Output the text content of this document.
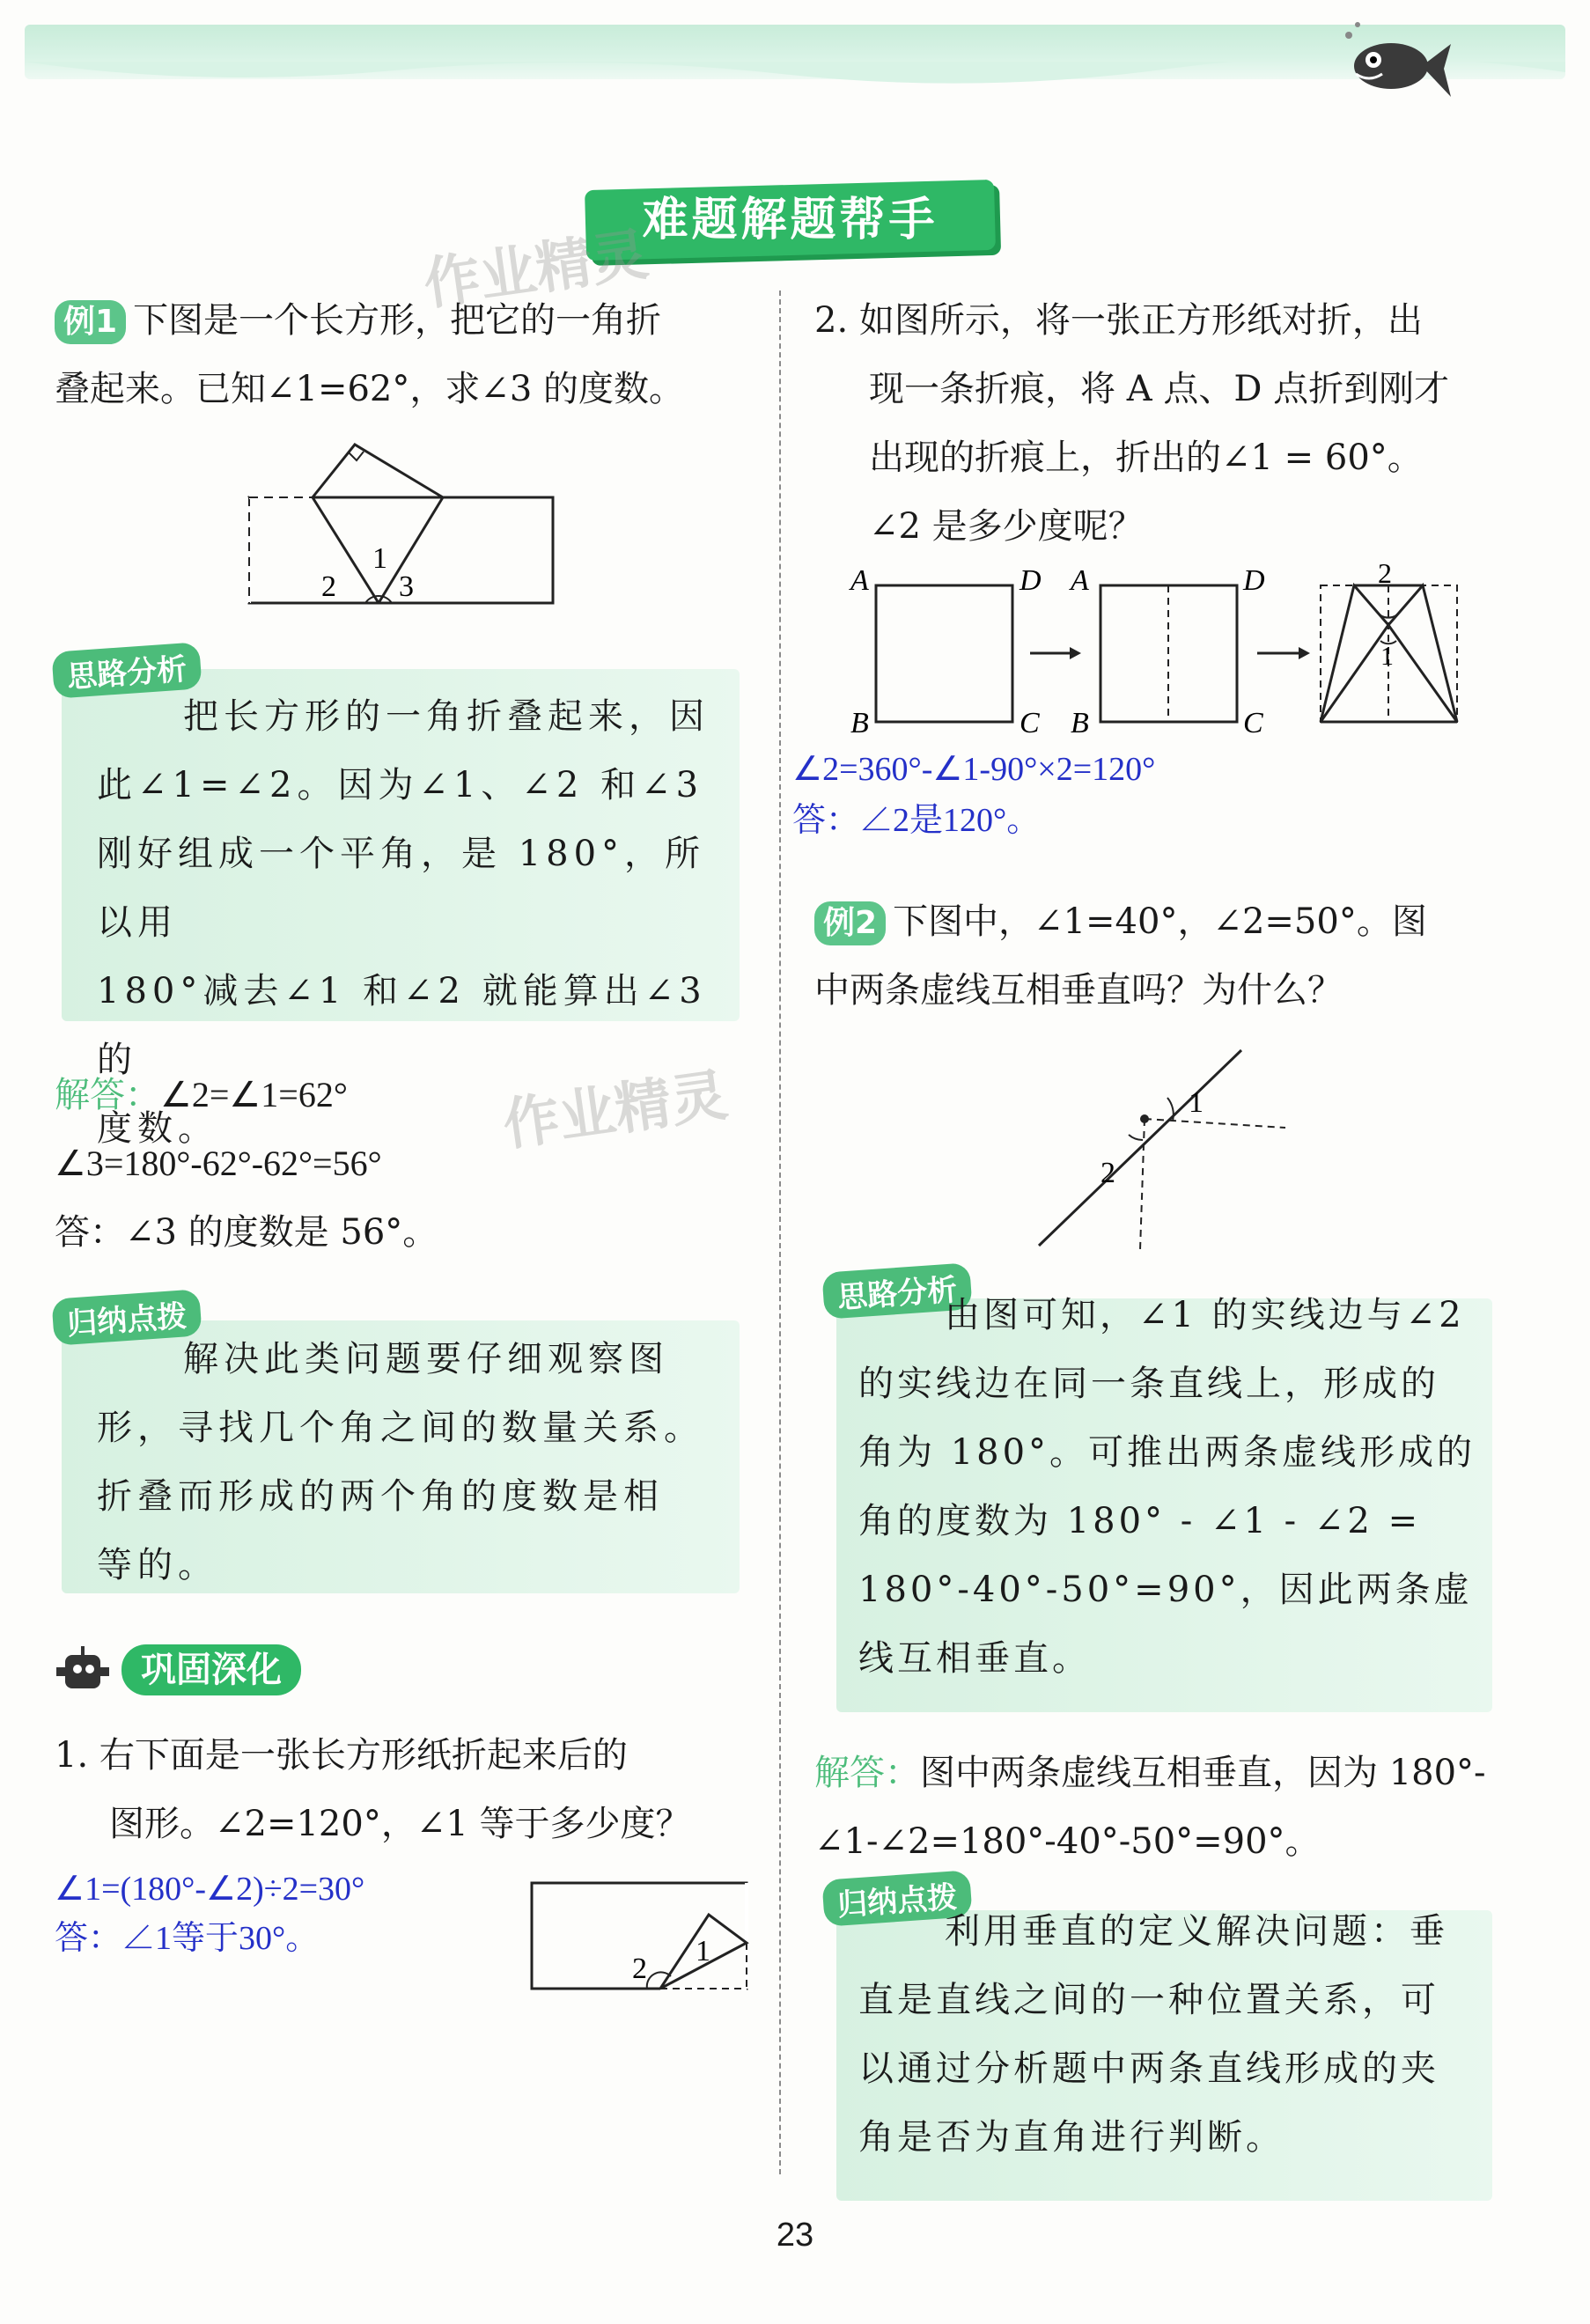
难题解题帮手
作业精灵
例1 下图是一个长方形，把它的一角折
叠起来。已知∠1=62°，求∠3 的度数。
1
2 3
思路分析
把长方形的一角折叠起来，因
此∠1=∠2。因为∠1、∠2 和∠3
刚好组成一个平角，是 180°，所以用
180°减去∠1 和∠2 就能算出∠3 的
度数。
解答：∠2=∠1=62°
∠3=180°-62°-62°=56°
答：∠3 的度数是 56°。
作业精灵
归纳点拨
解决此类问题要仔细观察图
形，寻找几个角之间的数量关系。
折叠而形成的两个角的度数是相
等的。
巩固深化
1. 右下面是一张长方形纸折起来后的
图形。∠2=120°，∠1 等于多少度？
∠1=(180°-∠2)÷2=30°
答：∠1等于30°。
2
1
2. 如图所示，将一张正方形纸对折，出
现一条折痕，将 A 点、D 点折到刚才
出现的折痕上，折出的∠1 = 60°。
∠2 是多少度呢？
A	D
B	C
A	D
B	C
2
1
∠2=360°-∠1-90°×2=120°
答：∠2是120°。
例2 下图中，∠1=40°，∠2=50°。图
中两条虚线互相垂直吗？为什么？
1
2
思路分析
由图可知，∠1 的实线边与∠2
的实线边在同一条直线上，形成的
角为 180°。可推出两条虚线形成的
角的度数为 180° - ∠1 - ∠2 =
180°-40°-50°=90°，因此两条虚
线互相垂直。
解答：图中两条虚线互相垂直，因为 180°-
∠1-∠2=180°-40°-50°=90°。
归纳点拨
利用垂直的定义解决问题：垂
直是直线之间的一种位置关系，可
以通过分析题中两条直线形成的夹
角是否为直角进行判断。
23
